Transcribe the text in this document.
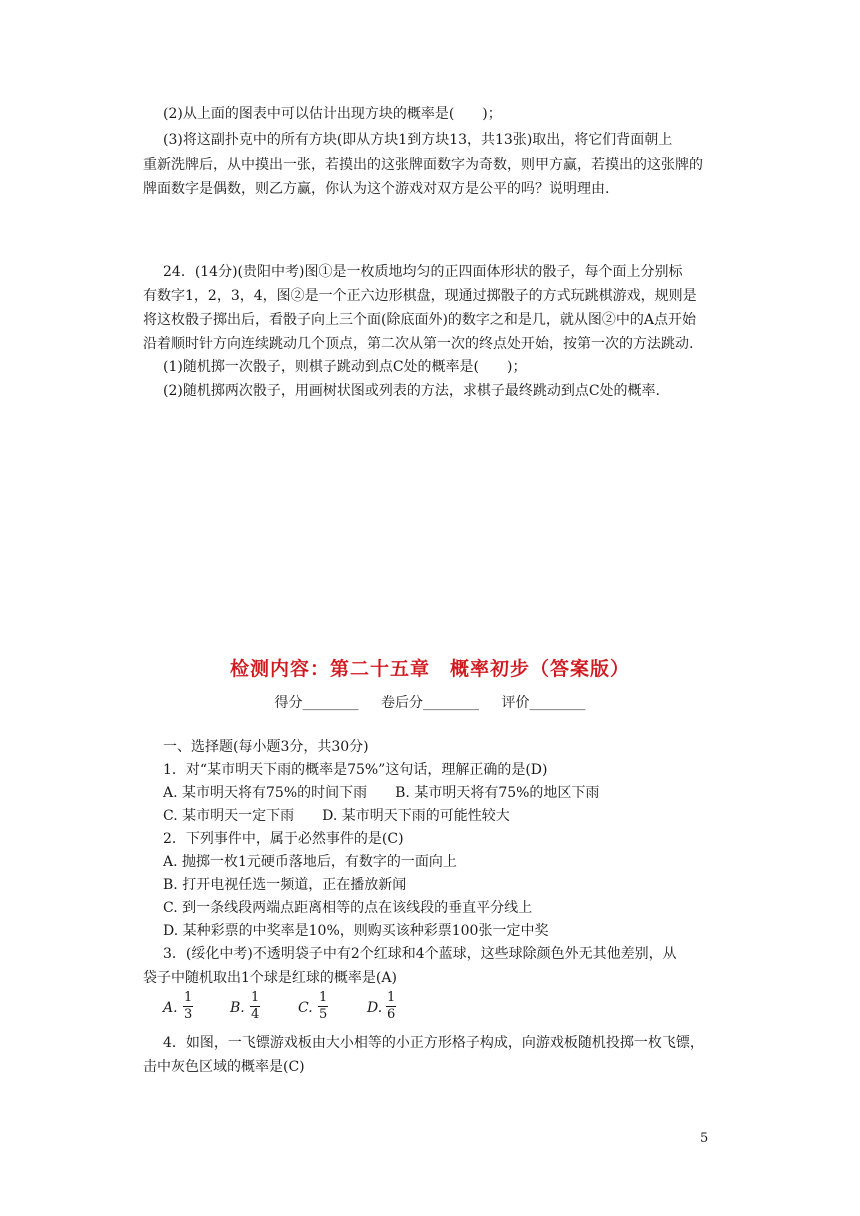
(2)从上面的图表中可以估计出现方块的概率是(　　)；
(3)将这副扑克中的所有方块(即从方块1到方块13，共13张)取出，将它们背面朝上
重新洗牌后，从中摸出一张，若摸出的这张牌面数字为奇数，则甲方赢，若摸出的这张牌的
牌面数字是偶数，则乙方赢，你认为这个游戏对双方是公平的吗？说明理由.
24．(14分)(贵阳中考)图①是一枚质地均匀的正四面体形状的骰子，每个面上分别标
有数字1，2，3，4，图②是一个正六边形棋盘，现通过掷骰子的方式玩跳棋游戏，规则是
将这枚骰子掷出后，看骰子向上三个面(除底面外)的数字之和是几，就从图②中的A点开始
沿着顺时针方向连续跳动几个顶点，第二次从第一次的终点处开始，按第一次的方法跳动.
(1)随机掷一次骰子，则棋子跳动到点C处的概率是(　　)；
(2)随机掷两次骰子，用画树状图或列表的方法，求棋子最终跳动到点C处的概率.
检测内容：第二十五章　概率初步（答案版）
得分________ 卷后分________ 评价________
一、选择题(每小题3分，共30分)
1．对“某市明天下雨的概率是75%”这句话，理解正确的是(D)
A. 某市明天将有75%的时间下雨　　B. 某市明天将有75%的地区下雨
C. 某市明天一定下雨　　D. 某市明天下雨的可能性较大
2．下列事件中，属于必然事件的是(C)
A. 抛掷一枚1元硬币落地后，有数字的一面向上
B. 打开电视任选一频道，正在播放新闻
C. 到一条线段两端点距离相等的点在该线段的垂直平分线上
D. 某种彩票的中奖率是10%，则购买该种彩票100张一定中奖
3．(绥化中考)不透明袋子中有2个红球和4个蓝球，这些球除颜色外无其他差别，从
袋子中随机取出1个球是红球的概率是(A)
A. $\frac{1}{3}$	B. $\frac{1}{4}$	C. $\frac{1}{5}$	D. $\frac{1}{6}$
4．如图，一飞镖游戏板由大小相等的小正方形格子构成，向游戏板随机投掷一枚飞镖，
击中灰色区域的概率是(C)
5
